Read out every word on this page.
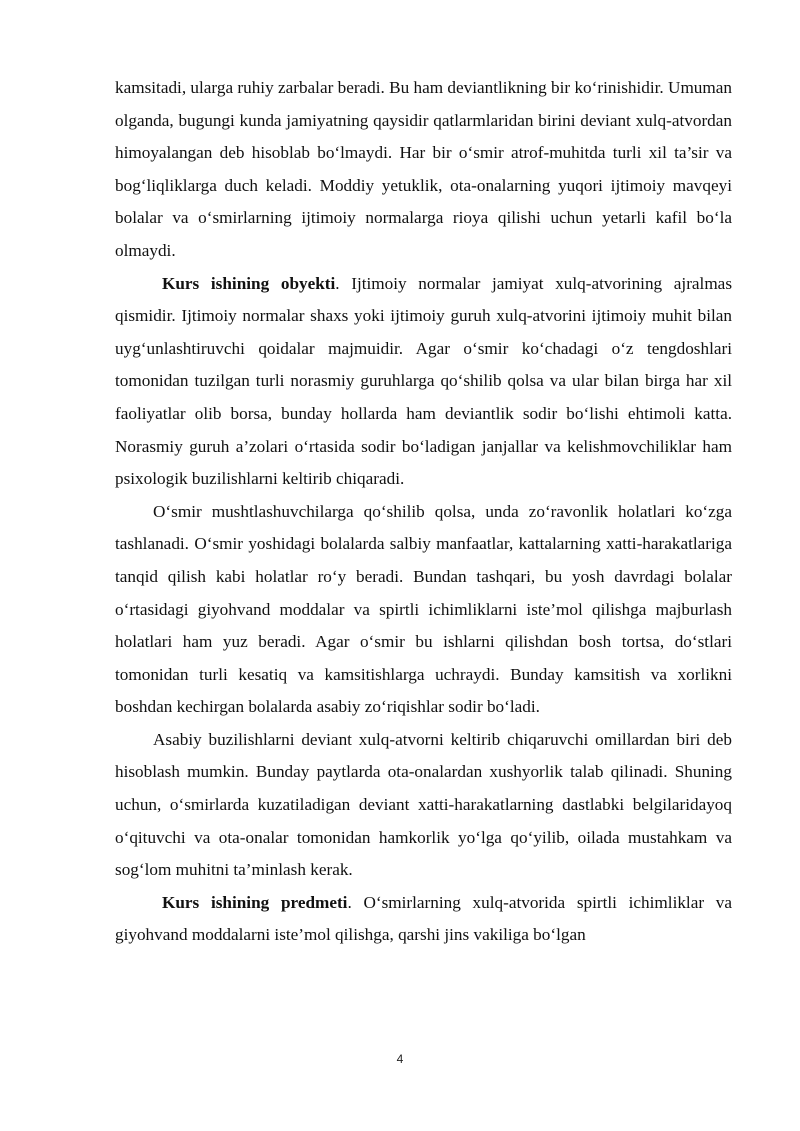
kamsitadi, ularga ruhiy zarbalar beradi. Bu ham deviantlikning bir ko‘rinishidir. Umuman olganda, bugungi kunda jamiyatning qaysidir qatlarmlaridan birini deviant xulq-atvordan himoyalangan deb hisoblab bo‘lmaydi. Har bir o‘smir atrof-muhitda turli xil ta’sir va bog‘liqliklarga duch keladi. Moddiy yetuklik, ota-onalarning yuqori ijtimoiy mavqeyi bolalar va o‘smirlarning ijtimoiy normalarga rioya qilishi uchun yetarli kafil bo‘la olmaydi.

Kurs ishining obyekti. Ijtimoiy normalar jamiyat xulq-atvorining ajralmas qismidir. Ijtimoiy normalar shaxs yoki ijtimoiy guruh xulq-atvorini ijtimoiy muhit bilan uyg‘unlashtiruvchi qoidalar majmuidir. Agar o‘smir ko‘chadagi o‘z tengdoshlari tomonidan tuzilgan turli norasmiy guruhlarga qo‘shilib qolsa va ular bilan birga har xil faoliyatlar olib borsa, bunday hollarda ham deviantlik sodir bo‘lishi ehtimoli katta. Norasmiy guruh a’zolari o‘rtasida sodir bo‘ladigan janjallar va kelishmovchiliklar ham psixologik buzilishlarni keltirib chiqaradi.

O‘smir mushtlashuvchilarga qo‘shilib qolsa, unda zo‘ravonlik holatlari ko‘zga tashlanadi. O‘smir yoshidagi bolalarda salbiy manfaatlar, kattalarning xatti-harakatlariga tanqid qilish kabi holatlar ro‘y beradi. Bundan tashqari, bu yosh davrdagi bolalar o‘rtasidagi giyohvand moddalar va spirtli ichimliklarni iste’mol qilishga majburlash holatlari ham yuz beradi. Agar o‘smir bu ishlarni qilishdan bosh tortsa, do‘stlari tomonidan turli kesatiq va kamsitishlarga uchraydi. Bunday kamsitish va xorlikni boshdan kechirgan bolalarda asabiy zo‘riqishlar sodir bo‘ladi.

Asabiy buzilishlarni deviant xulq-atvorni keltirib chiqaruvchi omillardan biri deb hisoblash mumkin. Bunday paytlarda ota-onalardan xushyorlik talab qilinadi. Shuning uchun, o‘smirlarda kuzatiladigan deviant xatti-harakatlarning dastlabki belgilaridayoq o‘qituvchi va ota-onalar tomonidan hamkorlik yo‘lga qo‘yilib, oilada mustahkam va sog‘lom muhitni ta’minlash kerak.

Kurs ishining predmeti. O‘smirlarning xulq-atvorida spirtli ichimliklar va giyohvand moddalarni iste’mol qilishga, qarshi jins vakiliga bo‘lgan

4
